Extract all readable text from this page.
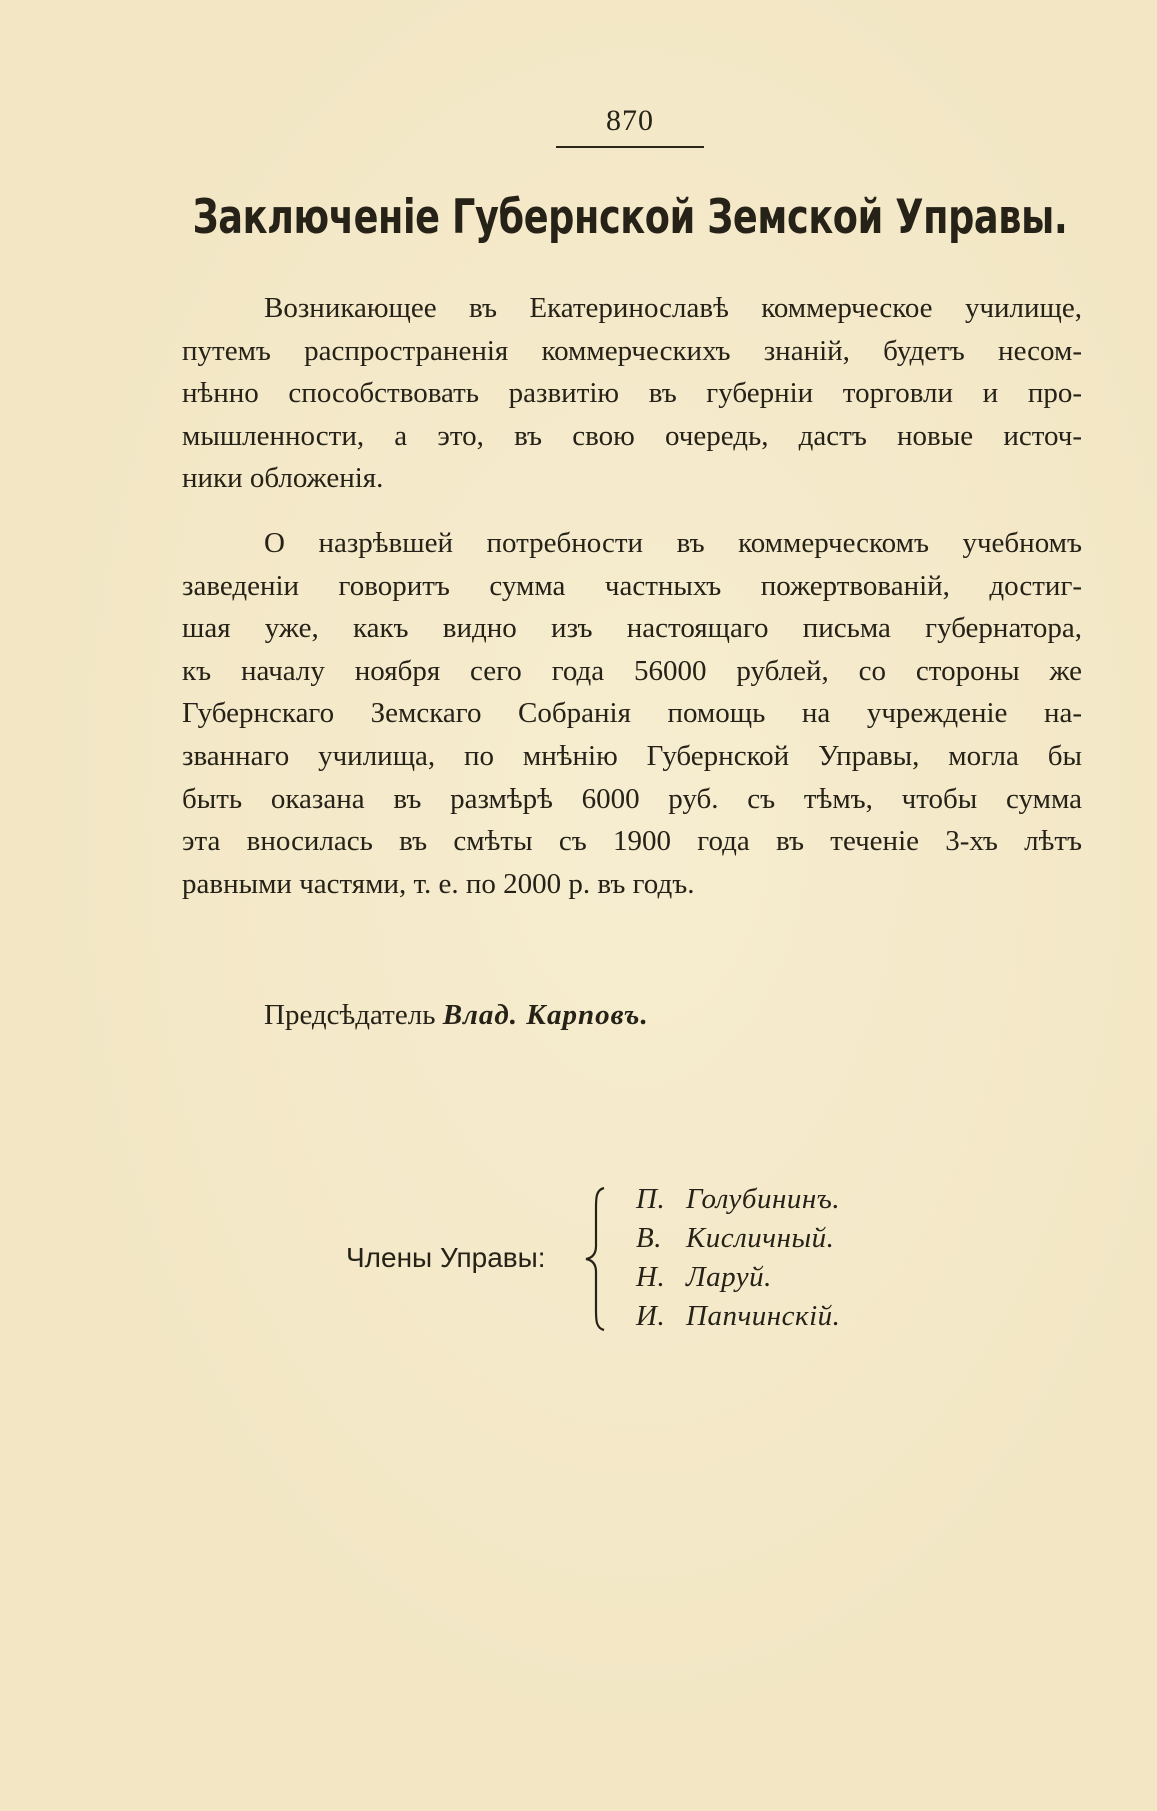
870
Заключеніе Губернской Земской Управы.
Возникающее въ Екатеринославѣ коммерческое училище,
путемъ распространенія коммерческихъ знаній, будетъ несом-
нѣнно способствовать развитію въ губерніи торговли и про-
мышленности, а это, въ свою очередь, дастъ новые источ-
ники обложенія.
О назрѣвшей потребности въ коммерческомъ учебномъ
заведеніи говоритъ сумма частныхъ пожертвованій, достиг-
шая уже, какъ видно изъ настоящаго письма губернатора,
къ началу ноября сего года 56000 рублей, со стороны же
Губернскаго Земскаго Собранія помощь на учрежденіе на-
званнаго училища, по мнѣнію Губернской Управы, могла бы
быть оказана въ размѣрѣ 6000 руб. съ тѣмъ, чтобы сумма
эта вносилась въ смѣты съ 1900 года въ теченіе 3-хъ лѣтъ
равными частями, т. е. по 2000 р. въ годъ.
Предсѣдатель Влад. Карповъ.
Члены Управы:
П. Голубининъ.
В. Кисличный.
Н. Ларуй.
И. Папчинскій.
